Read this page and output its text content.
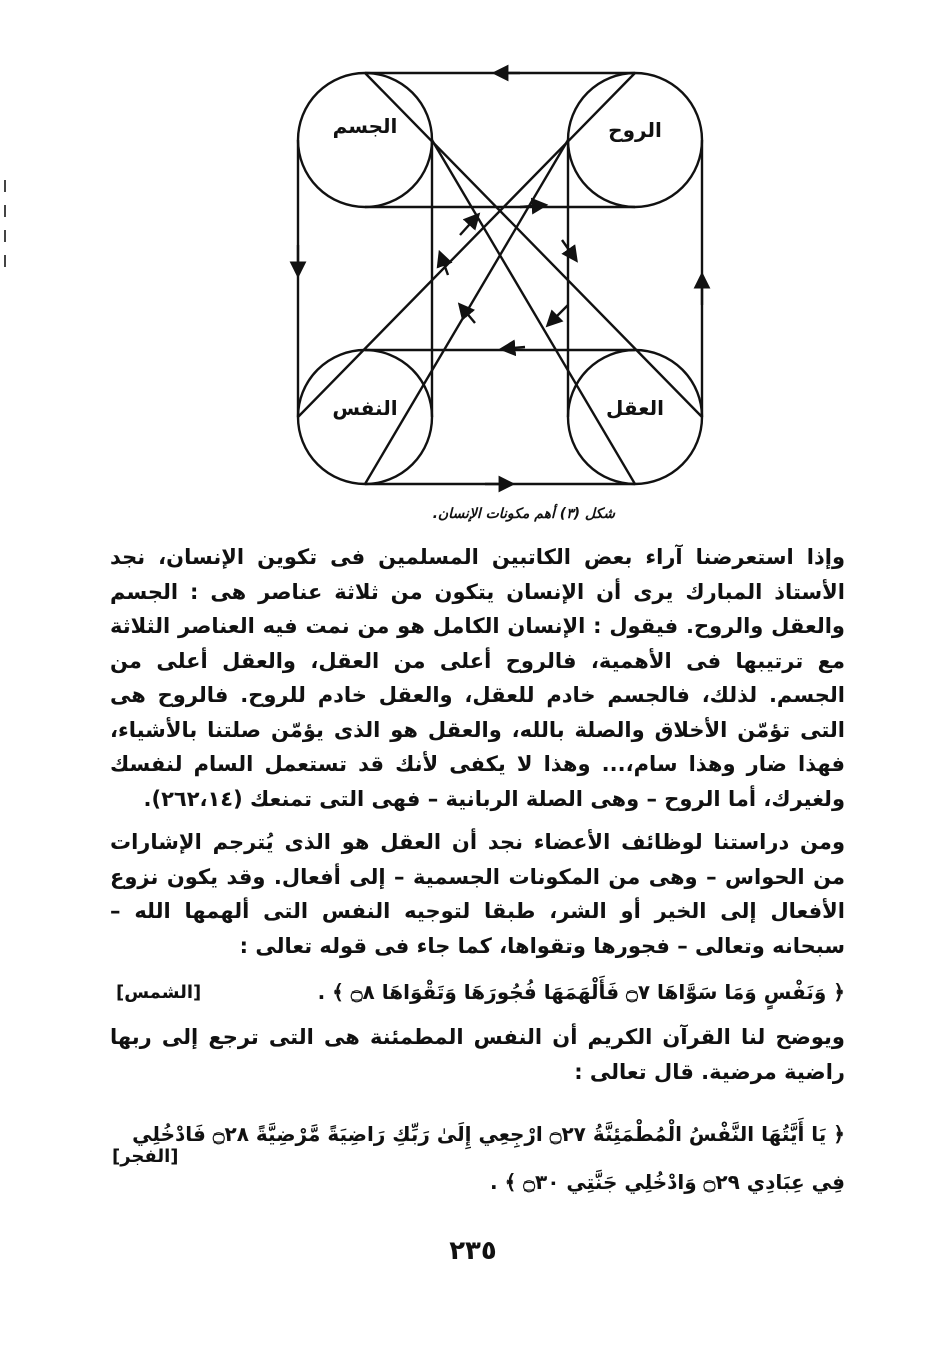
الجسم	الروح
النفس	العقل
شكل (٣) أهم مكونات الإنسان.
وإذا استعرضنا آراء بعض الكاتبين المسلمين فى تكوين الإنسان، نجد الأستاذ المبارك يرى أن الإنسان يتكون من ثلاثة عناصر هى : الجسم والعقل والروح. فيقول : الإنسان الكامل هو من نمت فيه العناصر الثلاثة مع ترتيبها فى الأهمية، فالروح أعلى من العقل، والعقل أعلى من الجسم. لذلك، فالجسم خادم للعقل، والعقل خادم للروح. فالروح هى التى تؤمّن الأخلاق والصلة بالله، والعقل هو الذى يؤمّن صلتنا بالأشياء، فهذا ضار وهذا سام،... وهذا لا يكفى لأنك قد تستعمل السام لنفسك ولغيرك، أما الروح – وهى الصلة الربانية – فهى التى تمنعك (٢٦٢،١٤).
ومن دراستنا لوظائف الأعضاء نجد أن العقل هو الذى يُترجم الإشارات من الحواس – وهى من المكونات الجسمية – إلى أفعال. وقد يكون نزوع الأفعال إلى الخير أو الشر، طبقا لتوجيه النفس التى ألهمها الله – سبحانه وتعالى – فجورها وتقواها، كما جاء فى قوله تعالى :
﴿ وَنَفْسٍ وَمَا سَوَّاهَا ۝٧ فَأَلْهَمَهَا فُجُورَهَا وَتَقْوَاهَا ۝٨ ﴾ .
[الشمس]
ويوضح لنا القرآن الكريم أن النفس المطمئنة هى التى ترجع إلى ربها راضية مرضية. قال تعالى :
﴿ يَا أَيَّتُهَا النَّفْسُ الْمُطْمَئِنَّةُ ۝٢٧ ارْجِعِي إِلَىٰ رَبِّكِ رَاضِيَةً مَّرْضِيَّةً ۝٢٨ فَادْخُلِي فِي عِبَادِي ۝٢٩ وَادْخُلِي جَنَّتِي ۝٣٠ ﴾ .
[الفجر]
٢٣٥
